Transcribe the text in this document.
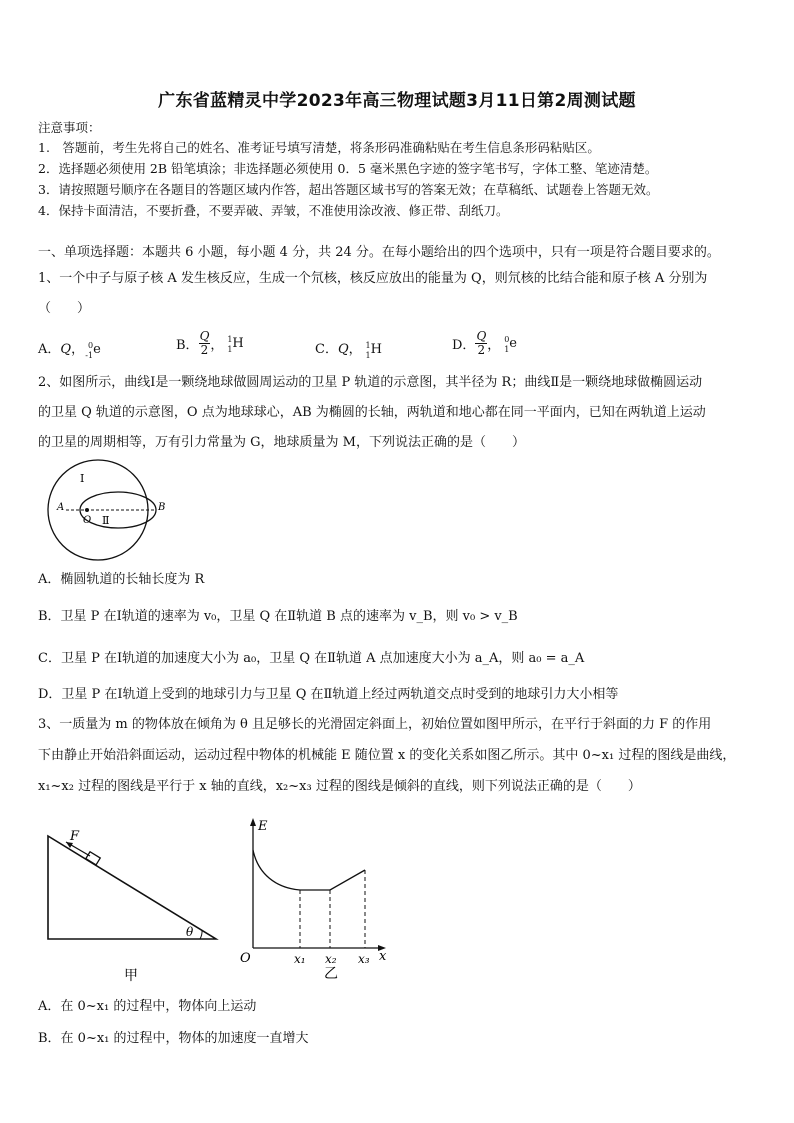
广东省蓝精灵中学2023年高三物理试题3月11日第2周测试题
注意事项：
1.　答题前，考生先将自己的姓名、准考证号填写清楚，将条形码准确粘贴在考生信息条形码粘贴区。
2．选择题必须使用 2B 铅笔填涂；非选择题必须使用 0．5 毫米黑色字迹的签字笔书写，字体工整、笔迹清楚。
3．请按照题号顺序在各题目的答题区域内作答，超出答题区域书写的答案无效；在草稿纸、试题卷上答题无效。
4．保持卡面清洁，不要折叠，不要弄破、弄皱，不准使用涂改液、修正带、刮纸刀。
一、单项选择题：本题共 6 小题，每小题 4 分，共 24 分。在每小题给出的四个选项中，只有一项是符合题目要求的。
1、一个中子与原子核 A 发生核反应，生成一个氘核，核反应放出的能量为 Q，则氘核的比结合能和原子核 A 分别为
（　　）
A．Q， 0
-1 e	B． $\frac{Q}{2}$ ， 1
1 H	C．Q， 1
1 H	D． $\frac{Q}{2}$ ， 0
1 e
2、如图所示，曲线Ⅰ是一颗绕地球做圆周运动的卫星 P 轨道的示意图，其半径为 R；曲线Ⅱ是一颗绕地球做椭圆运动
的卫星 Q 轨道的示意图，O 点为地球球心，AB 为椭圆的长轴，两轨道和地心都在同一平面内，已知在两轨道上运动
的卫星的周期相等，万有引力常量为 G，地球质量为 M，下列说法正确的是（　　）
Ⅰ
Ⅱ
A	B
O
A．椭圆轨道的长轴长度为 R
B．卫星 P 在Ⅰ轨道的速率为 v₀，卫星 Q 在Ⅱ轨道 B 点的速率为 v_B，则 v₀ > v_B
C．卫星 P 在Ⅰ轨道的加速度大小为 a₀，卫星 Q 在Ⅱ轨道 A 点加速度大小为 a_A，则 a₀ = a_A
D．卫星 P 在Ⅰ轨道上受到的地球引力与卫星 Q 在Ⅱ轨道上经过两轨道交点时受到的地球引力大小相等
3、一质量为 m 的物体放在倾角为 θ 且足够长的光滑固定斜面上，初始位置如图甲所示，在平行于斜面的力 F 的作用
下由静止开始沿斜面运动，运动过程中物体的机械能 E 随位置 x 的变化关系如图乙所示。其中 0~x₁ 过程的图线是曲线，
x₁~x₂ 过程的图线是平行于 x 轴的直线，x₂~x₃ 过程的图线是倾斜的直线，则下列说法正确的是（　　）
F
θ
甲
E
O	x₁ x₂ x₃ x
乙
A．在 0~x₁ 的过程中，物体向上运动
B．在 0~x₁ 的过程中，物体的加速度一直增大
